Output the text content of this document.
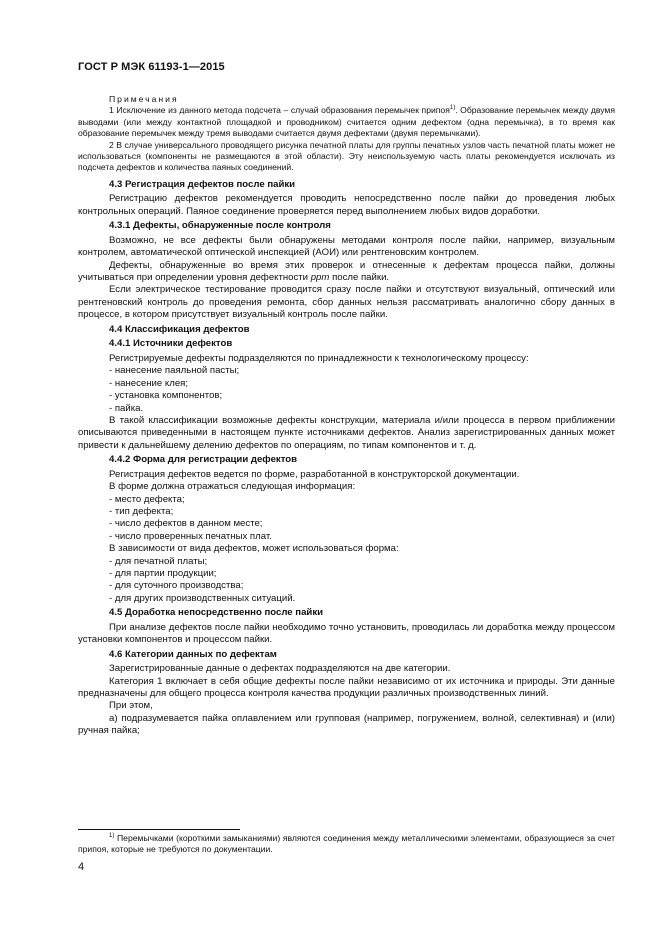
ГОСТ Р МЭК 61193-1—2015

Примечания

1 Исключение из данного метода подсчета – случай образования перемычек припоя$^{1)}$. Образование перемычек между двумя выводами (или между контактной площадкой и проводником) считается одним дефектом (одна перемычка), в то время как образование перемычек между тремя выводами считается двумя дефектами (двумя перемычками).

2 В случае универсального проводящего рисунка печатной платы для группы печатных узлов часть печатной платы может не использоваться (компоненты не размещаются в этой области). Эту неиспользуемую часть платы рекомендуется исключать из подсчета дефектов и количества паяных соединений.

4.3 Регистрация дефектов после пайки

Регистрацию дефектов рекомендуется проводить непосредственно после пайки до проведения любых контрольных операций. Паяное соединение проверяется перед выполнением любых видов доработки.

4.3.1 Дефекты, обнаруженные после контроля

Возможно, не все дефекты были обнаружены методами контроля после пайки, например, визуальным контролем, автоматической оптической инспекцией (АОИ) или рентгеновским контролем.

Дефекты, обнаруженные во время этих проверок и отнесенные к дефектам процесса пайки, должны учитываться при определении уровня дефектности ppm после пайки.

Если электрическое тестирование проводится сразу после пайки и отсутствуют визуальный, оптический или рентгеновский контроль до проведения ремонта, сбор данных нельзя рассматривать аналогично сбору данных в процессе, в котором присутствует визуальный контроль после пайки.

4.4 Классификация дефектов

4.4.1 Источники дефектов

Регистрируемые дефекты подразделяются по принадлежности к технологическому процессу:

- нанесение паяльной пасты;

- нанесение клея;

- установка компонентов;

- пайка.

В такой классификации возможные дефекты конструкции, материала и/или процесса в первом приближении описываются приведенными в настоящем пункте источниками дефектов. Анализ зарегистрированных данных может привести к дальнейшему делению дефектов по операциям, по типам компонентов и т. д.

4.4.2 Форма для регистрации дефектов

Регистрация дефектов ведется по форме, разработанной в конструкторской документации.

В форме должна отражаться следующая информация:

- место дефекта;

- тип дефекта;

- число дефектов в данном месте;

- число проверенных печатных плат.

В зависимости от вида дефектов, может использоваться форма:

- для печатной платы;

- для партии продукции;

- для суточного производства;

- для других производственных ситуаций.

4.5 Доработка непосредственно после пайки

При анализе дефектов после пайки необходимо точно установить, проводилась ли доработка между процессом установки компонентов и процессом пайки.

4.6 Категории данных по дефектам

Зарегистрированные данные о дефектах подразделяются на две категории.

Категория 1 включает в себя общие дефекты после пайки независимо от их источника и природы. Эти данные предназначены для общего процесса контроля качества продукции различных производственных линий.

При этом,

а) подразумевается пайка оплавлением или групповая (например, погружением, волной, селективная) и (или) ручная пайка;

$^{1)}$ Перемычками (короткими замыканиями) являются соединения между металлическими элементами, образующиеся за счет припоя, которые не требуются по документации.

4
